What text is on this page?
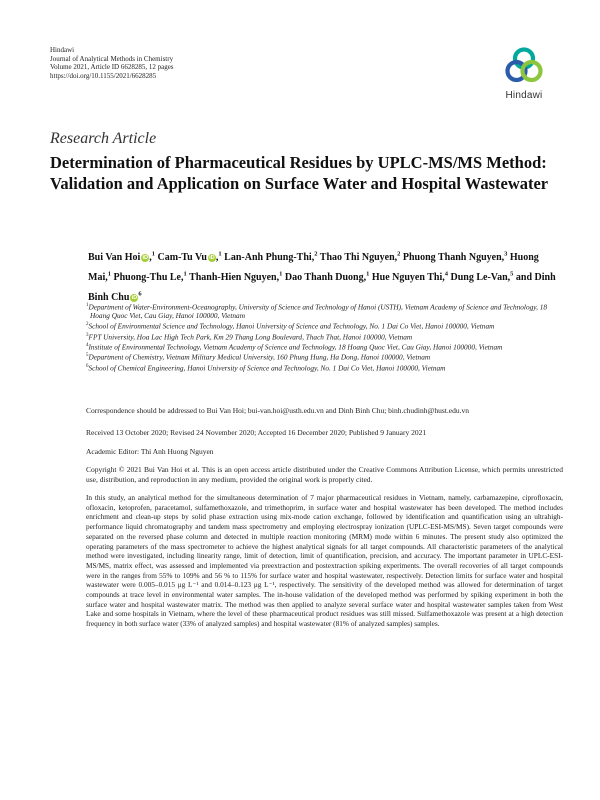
Hindawi
Journal of Analytical Methods in Chemistry
Volume 2021, Article ID 6628285, 12 pages
https://doi.org/10.1155/2021/6628285
Hindawi
Research Article
Determination of Pharmaceutical Residues by UPLC-MS/MS Method: Validation and Application on Surface Water and Hospital Wastewater
Bui Van Hoi iD,$^1$ Cam-Tu Vu iD,$^1$ Lan-Anh Phung-Thi,$^2$ Thao Thi Nguyen,$^2$ Phuong Thanh Nguyen,$^3$ Huong Mai,$^1$ Phuong-Thu Le,$^1$ Thanh-Hien Nguyen,$^1$ Dao Thanh Duong,$^1$ Hue Nguyen Thi,$^4$ Dung Le-Van,$^5$ and Dinh Binh Chu $iD^6$
$^1$Department of Water-Environment-Oceanography, University of Science and Technology of Hanoi (USTH), Vietnam Academy of Science and Technology, 18 Hoang Quoc Viet, Cau Giay, Hanoi 100000, Vietnam
$^2$School of Environmental Science and Technology, Hanoi University of Science and Technology, No. 1 Dai Co Viet, Hanoi 100000, Vietnam
$^3$FPT University, Hoa Lac High Tech Park, Km 29 Thang Long Boulevard, Thach That, Hanoi 100000, Vietnam
$^4$Institute of Environmental Technology, Vietnam Academy of Science and Technology, 18 Hoang Quoc Viet, Cau Giay, Hanoi 100000, Vietnam
$^5$Department of Chemistry, Vietnam Military Medical University, 160 Phung Hung, Ha Dong, Hanoi 100000, Vietnam
$^6$School of Chemical Engineering, Hanoi University of Science and Technology, No. 1 Dai Co Viet, Hanoi 100000, Vietnam
Correspondence should be addressed to Bui Van Hoi; bui-van.hoi@usth.edu.vn and Dinh Binh Chu; binh.chudinh@hust.edu.vn
Received 13 October 2020; Revised 24 November 2020; Accepted 16 December 2020; Published 9 January 2021
Academic Editor: Thi Anh Huong Nguyen
Copyright © 2021 Bui Van Hoi et al. This is an open access article distributed under the Creative Commons Attribution License, which permits unrestricted use, distribution, and reproduction in any medium, provided the original work is properly cited.
In this study, an analytical method for the simultaneous determination of 7 major pharmaceutical residues in Vietnam, namely, carbamazepine, ciprofloxacin, ofloxacin, ketoprofen, paracetamol, sulfamethoxazole, and trimethoprim, in surface water and hospital wastewater has been developed. The method includes enrichment and clean-up steps by solid phase extraction using mix-mode cation exchange, followed by identification and quantification using an ultrahigh-performance liquid chromatography and tandem mass spectrometry and employing electrospray ionization (UPLC-ESI-MS/MS). Seven target compounds were separated on the reversed phase column and detected in multiple reaction monitoring (MRM) mode within 6 minutes. The present study also optimized the operating parameters of the mass spectrometer to achieve the highest analytical signals for all target compounds. All characteristic parameters of the analytical method were investigated, including linearity range, limit of detection, limit of quantification, precision, and accuracy. The important parameter in UPLC-ESI-MS/MS, matrix effect, was assessed and implemented via preextraction and postextraction spiking experiments. The overall recoveries of all target compounds were in the ranges from 55% to 109% and 56 % to 115% for surface water and hospital wastewater, respectively. Detection limits for surface water and hospital wastewater were 0.005–0.015 μg L⁻¹ and 0.014–0.123 μg L⁻¹, respectively. The sensitivity of the developed method was allowed for determination of target compounds at trace level in environmental water samples. The in-house validation of the developed method was performed by spiking experiment in both the surface water and hospital wastewater matrix. The method was then applied to analyze several surface water and hospital wastewater samples taken from West Lake and some hospitals in Vietnam, where the level of these pharmaceutical product residues was still missed. Sulfamethoxazole was present at a high detection frequency in both surface water (33% of analyzed samples) and hospital wastewater (81% of analyzed samples) samples.
